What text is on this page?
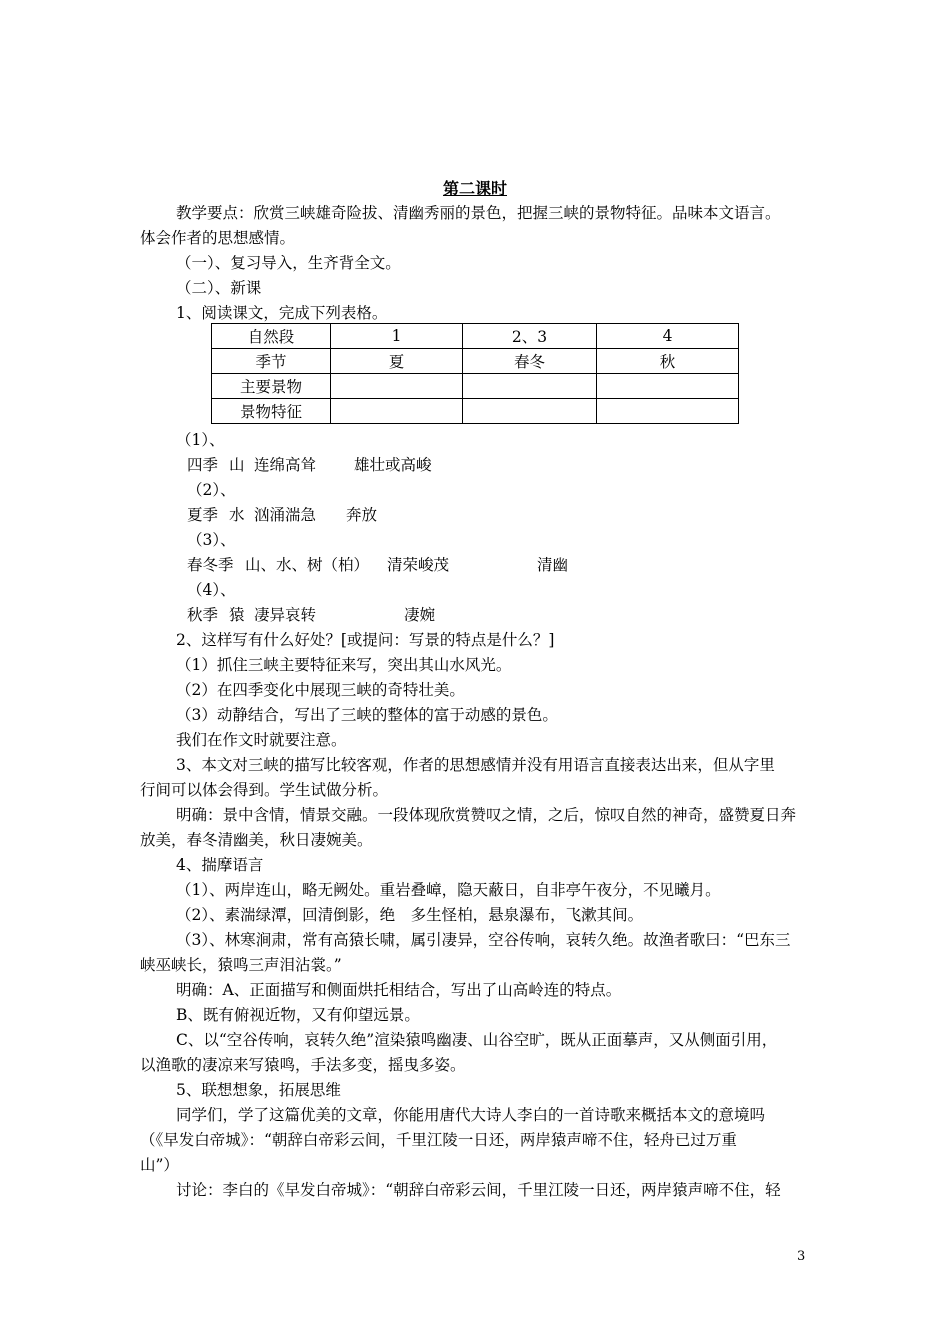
第二课时
教学要点：欣赏三峡雄奇险拔、清幽秀丽的景色，把握三峡的景物特征。品味本文语言。
体会作者的思想感情。
（一）、复习导入，生齐背全文。
（二）、新课
1、阅读课文，完成下列表格。
自然段	1	2、3	4
季节	夏	春冬	秋
主要景物			
景物特征			
（1）、
四季 山 连绵高耸 雄壮或高峻
（2）、
夏季 水 汹涌湍急 奔放
（3）、
春冬季 山、水、树（柏） 清荣峻茂	清幽
（4）、
秋季 猿 凄异哀转	凄婉
2、这样写有什么好处？[或提问：写景的特点是什么？]
（1）抓住三峡主要特征来写，突出其山水风光。
（2）在四季变化中展现三峡的奇特壮美。
（3）动静结合，写出了三峡的整体的富于动感的景色。
我们在作文时就要注意。
3、本文对三峡的描写比较客观，作者的思想感情并没有用语言直接表达出来，但从字里
行间可以体会得到。学生试做分析。
明确：景中含情，情景交融。一段体现欣赏赞叹之情，之后，惊叹自然的神奇，盛赞夏日奔
放美，春冬清幽美，秋日凄婉美。
4、揣摩语言
（1）、两岸连山，略无阙处。重岩叠嶂，隐天蔽日，自非亭午夜分，不见曦月。
（2）、素湍绿潭，回清倒影，绝　多生怪柏，悬泉瀑布，飞漱其间。
（3）、林寒涧肃，常有高猿长啸，属引凄异，空谷传响，哀转久绝。故渔者歌曰：“巴东三
峡巫峡长，猿鸣三声泪沾裳。”
明确：A、正面描写和侧面烘托相结合，写出了山高岭连的特点。
B、既有俯视近物，又有仰望远景。
C、以“空谷传响，哀转久绝”渲染猿鸣幽凄、山谷空旷，既从正面摹声，又从侧面引用，
以渔歌的凄凉来写猿鸣，手法多变，摇曳多姿。
5、联想想象，拓展思维
同学们，学了这篇优美的文章，你能用唐代大诗人李白的一首诗歌来概括本文的意境吗
（《早发白帝城》：“朝辞白帝彩云间，千里江陵一日还，两岸猿声啼不住，轻舟已过万重
山”）
讨论：李白的《早发白帝城》：“朝辞白帝彩云间，千里江陵一日还，两岸猿声啼不住，轻
3
